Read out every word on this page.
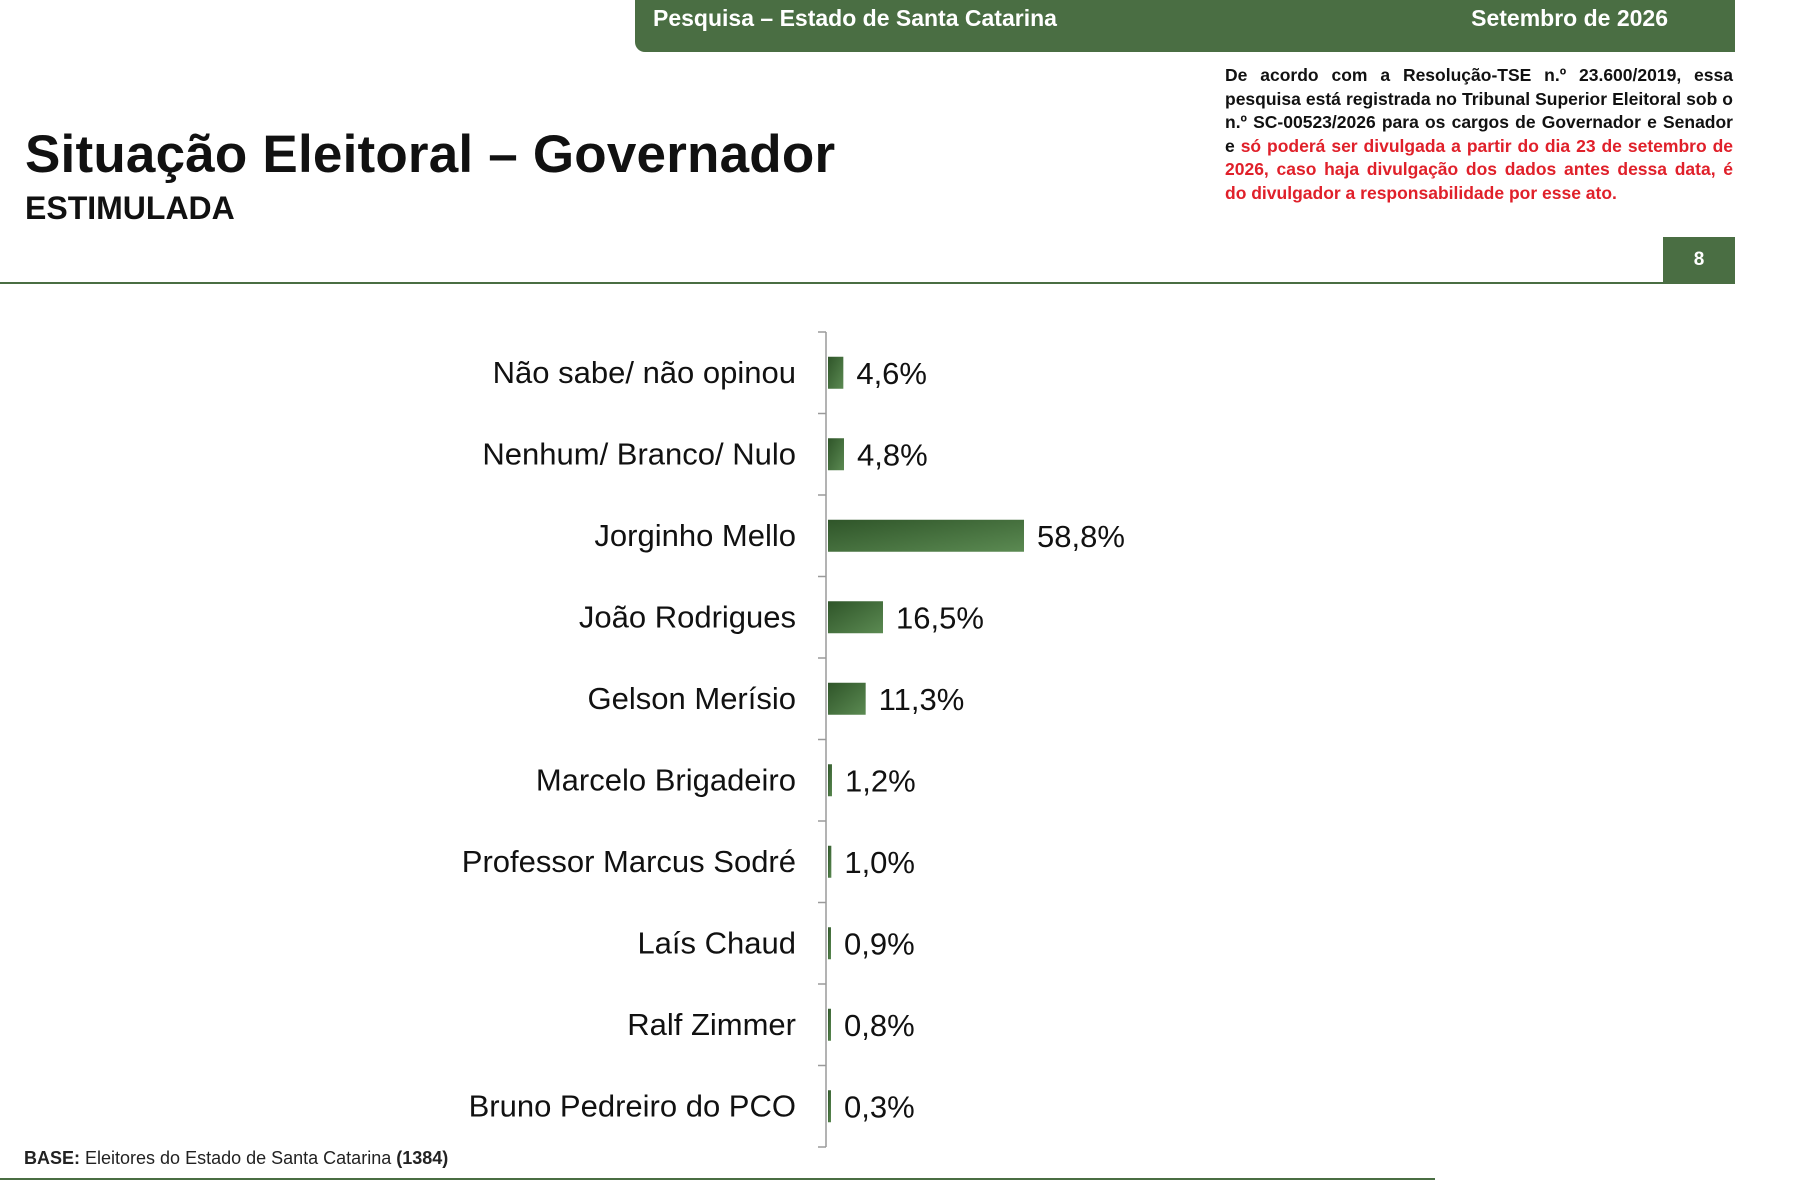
Pesquisa – Estado de Santa Catarina	Setembro de 2026
Situação Eleitoral – Governador
ESTIMULADA
De acordo com a Resolução-TSE n.º 23.600/2019, essa pesquisa está registrada no Tribunal Superior Eleitoral sob o n.º SC-00523/2026 para os cargos de Governador e Senador e só poderá ser divulgada a partir do dia 23 de setembro de 2026, caso haja divulgação dos dados antes dessa data, é do divulgador a responsabilidade por esse ato.
8
Não sabe/ não opinou 4,6%
Nenhum/ Branco/ Nulo 4,8%
Jorginho Mello	58,8%
João Rodrigues	16,5%
Gelson Merísio	11,3%
Marcelo Brigadeiro 1,2%
Professor Marcus Sodré 1,0%
Laís Chaud 0,9%
Ralf Zimmer 0,8%
Bruno Pedreiro do PCO 0,3%
BASE: Eleitores do Estado de Santa Catarina (1384)
